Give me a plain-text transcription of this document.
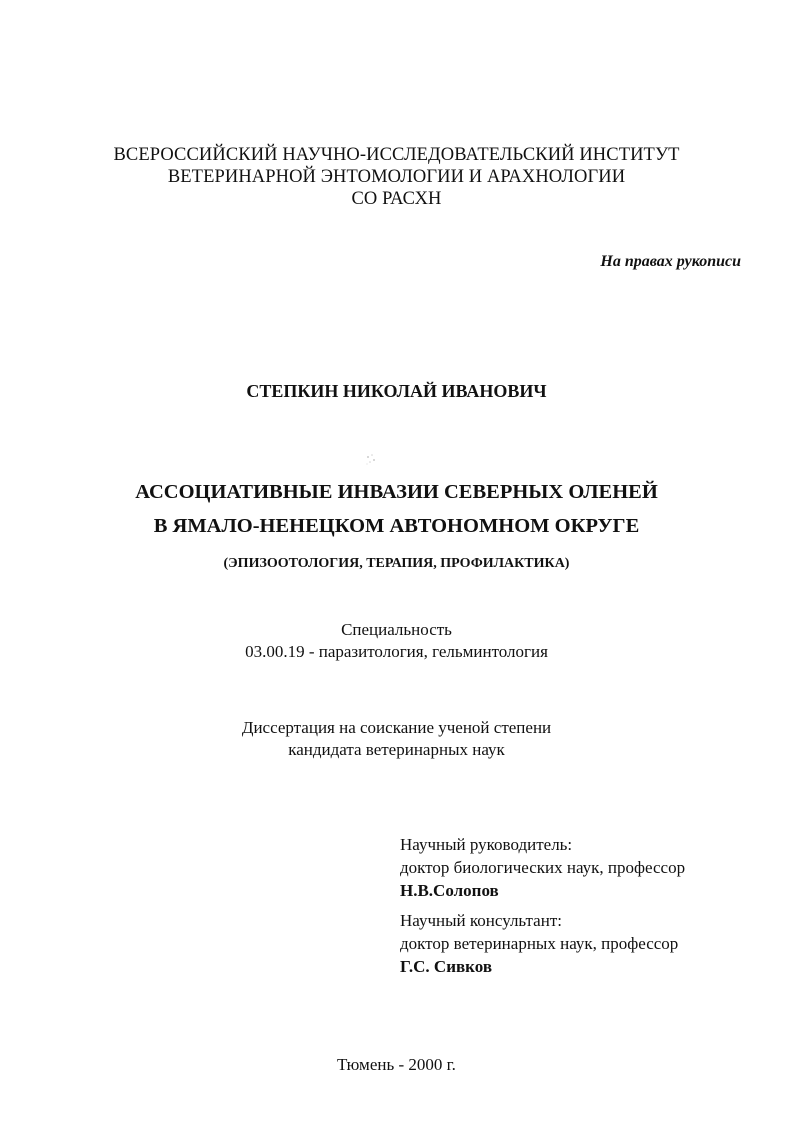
ВСЕРОССИЙСКИЙ НАУЧНО-ИССЛЕДОВАТЕЛЬСКИЙ ИНСТИТУТ
ВЕТЕРИНАРНОЙ ЭНТОМОЛОГИИ И АРАХНОЛОГИИ
СО РАСХН
На правах рукописи
СТЕПКИН НИКОЛАЙ ИВАНОВИЧ
АССОЦИАТИВНЫЕ ИНВАЗИИ СЕВЕРНЫХ ОЛЕНЕЙ
В ЯМАЛО-НЕНЕЦКОМ АВТОНОМНОМ ОКРУГЕ
(ЭПИЗООТОЛОГИЯ, ТЕРАПИЯ, ПРОФИЛАКТИКА)
Специальность
03.00.19 - паразитология, гельминтология
Диссертация на соискание ученой степени
кандидата ветеринарных наук
Научный руководитель:
доктор биологических наук, профессор
Н.В.Солопов
Научный консультант:
доктор ветеринарных наук, профессор
Г.С. Сивков
Тюмень - 2000 г.
